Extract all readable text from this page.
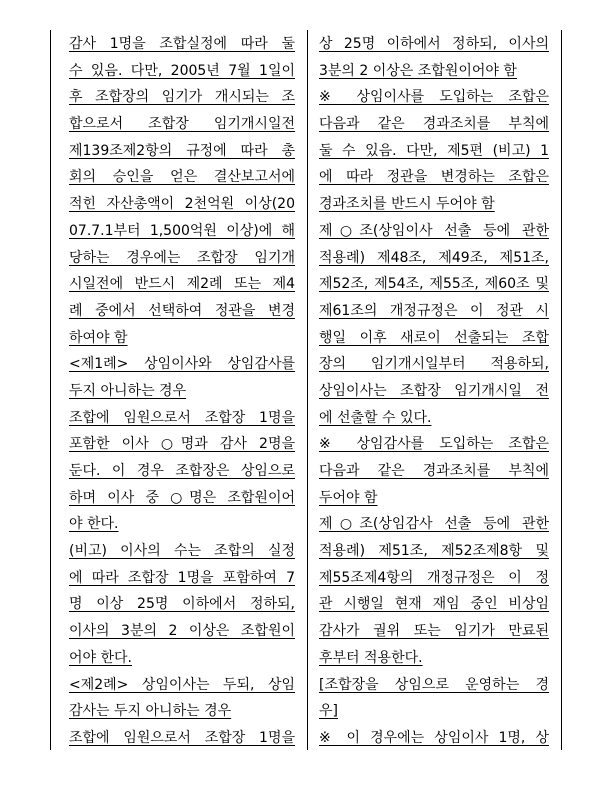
감사 1명을 조합실정에 따라 둘
수 있음. 다만, 2005년 7월 1일이
후 조합장의 임기가 개시되는 조
합으로서 조합장 임기개시일전
제139조제2항의 규정에 따라 총
회의 승인을 얻은 결산보고서에
적힌 자산총액이 2천억원 이상(20
07.7.1부터 1,500억원 이상)에 해
당하는 경우에는 조합장 임기개
시일전에 반드시 제2례 또는 제4
례 중에서 선택하여 정관을 변경
하여야 함
<제1례> 상임이사와 상임감사를
두지 아니하는 경우
조합에 임원으로서 조합장 1명을
포함한 이사 ○명과 감사 2명을
둔다. 이 경우 조합장은 상임으로
하며 이사 중 ○명은 조합원이어
야 한다.
(비고) 이사의 수는 조합의 실정
에 따라 조합장 1명을 포함하여 7
명 이상 25명 이하에서 정하되,
이사의 3분의 2 이상은 조합원이
어야 한다.
<제2례> 상임이사는 두되, 상임
감사는 두지 아니하는 경우
조합에 임원으로서 조합장 1명을
상 25명 이하에서 정하되, 이사의
3분의 2 이상은 조합원이어야 함
※ 상임이사를 도입하는 조합은
다음과 같은 경과조치를 부칙에
둘 수 있음. 다만, 제5편 (비고) 1
에 따라 정관을 변경하는 조합은
경과조치를 반드시 두어야 함
제○조(상임이사 선출 등에 관한
적용례) 제48조, 제49조, 제51조,
제52조, 제54조, 제55조, 제60조 및
제61조의 개정규정은 이 정관 시
행일 이후 새로이 선출되는 조합
장의 임기개시일부터 적용하되,
상임이사는 조합장 임기개시일 전
에 선출할 수 있다.
※ 상임감사를 도입하는 조합은
다음과 같은 경과조치를 부칙에
두어야 함
제○조(상임감사 선출 등에 관한
적용례) 제51조, 제52조제8항 및
제55조제4항의 개정규정은 이 정
관 시행일 현재 재임 중인 비상임
감사가 궐위 또는 임기가 만료된
후부터 적용한다.
[조합장을 상임으로 운영하는 경
우]
※ 이 경우에는 상임이사 1명, 상
